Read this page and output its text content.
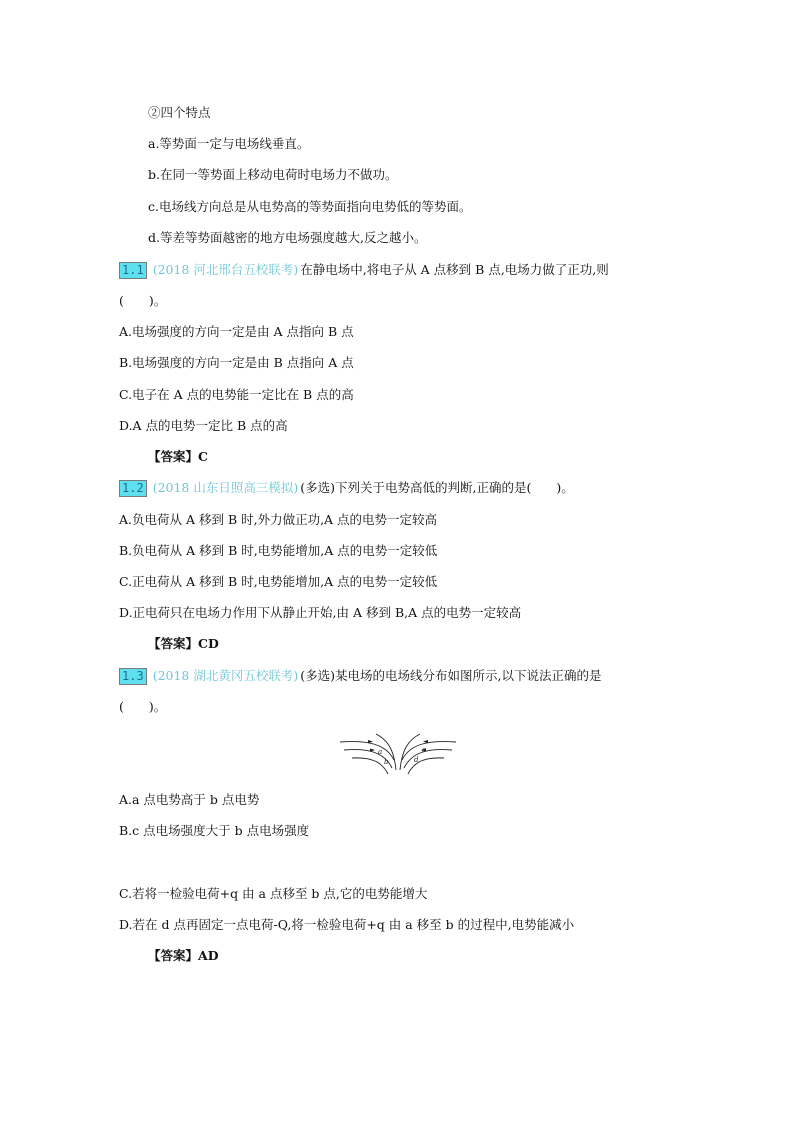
②四个特点
a.等势面一定与电场线垂直。
b.在同一等势面上移动电荷时电场力不做功。
c.电场线方向总是从电势高的等势面指向电势低的等势面。
d.等差等势面越密的地方电场强度越大,反之越小。
1.1 (2018 河北邢台五校联考) 在静电场中,将电子从 A 点移到 B 点,电场力做了正功,则
(　　)。
A.电场强度的方向一定是由 A 点指向 B 点
B.电场强度的方向一定是由 B 点指向 A 点
C.电子在 A 点的电势能一定比在 B 点的高
D.A 点的电势一定比 B 点的高
【答案】C
1.2 (2018 山东日照高三模拟) (多选)下列关于电势高低的判断,正确的是(　　)。
A.负电荷从 A 移到 B 时,外力做正功,A 点的电势一定较高
B.负电荷从 A 移到 B 时,电势能增加,A 点的电势一定较低
C.正电荷从 A 移到 B 时,电势能增加,A 点的电势一定较低
D.正电荷只在电场力作用下从静止开始,由 A 移到 B,A 点的电势一定较高
【答案】CD
1.3 (2018 湖北黄冈五校联考) (多选)某电场的电场线分布如图所示,以下说法正确的是
(　　)。
a
b
c
d
A.a 点电势高于 b 点电势
B.c 点电场强度大于 b 点电场强度
C.若将一检验电荷+q 由 a 点移至 b 点,它的电势能增大
D.若在 d 点再固定一点电荷-Q,将一检验电荷+q 由 a 移至 b 的过程中,电势能减小
【答案】AD
